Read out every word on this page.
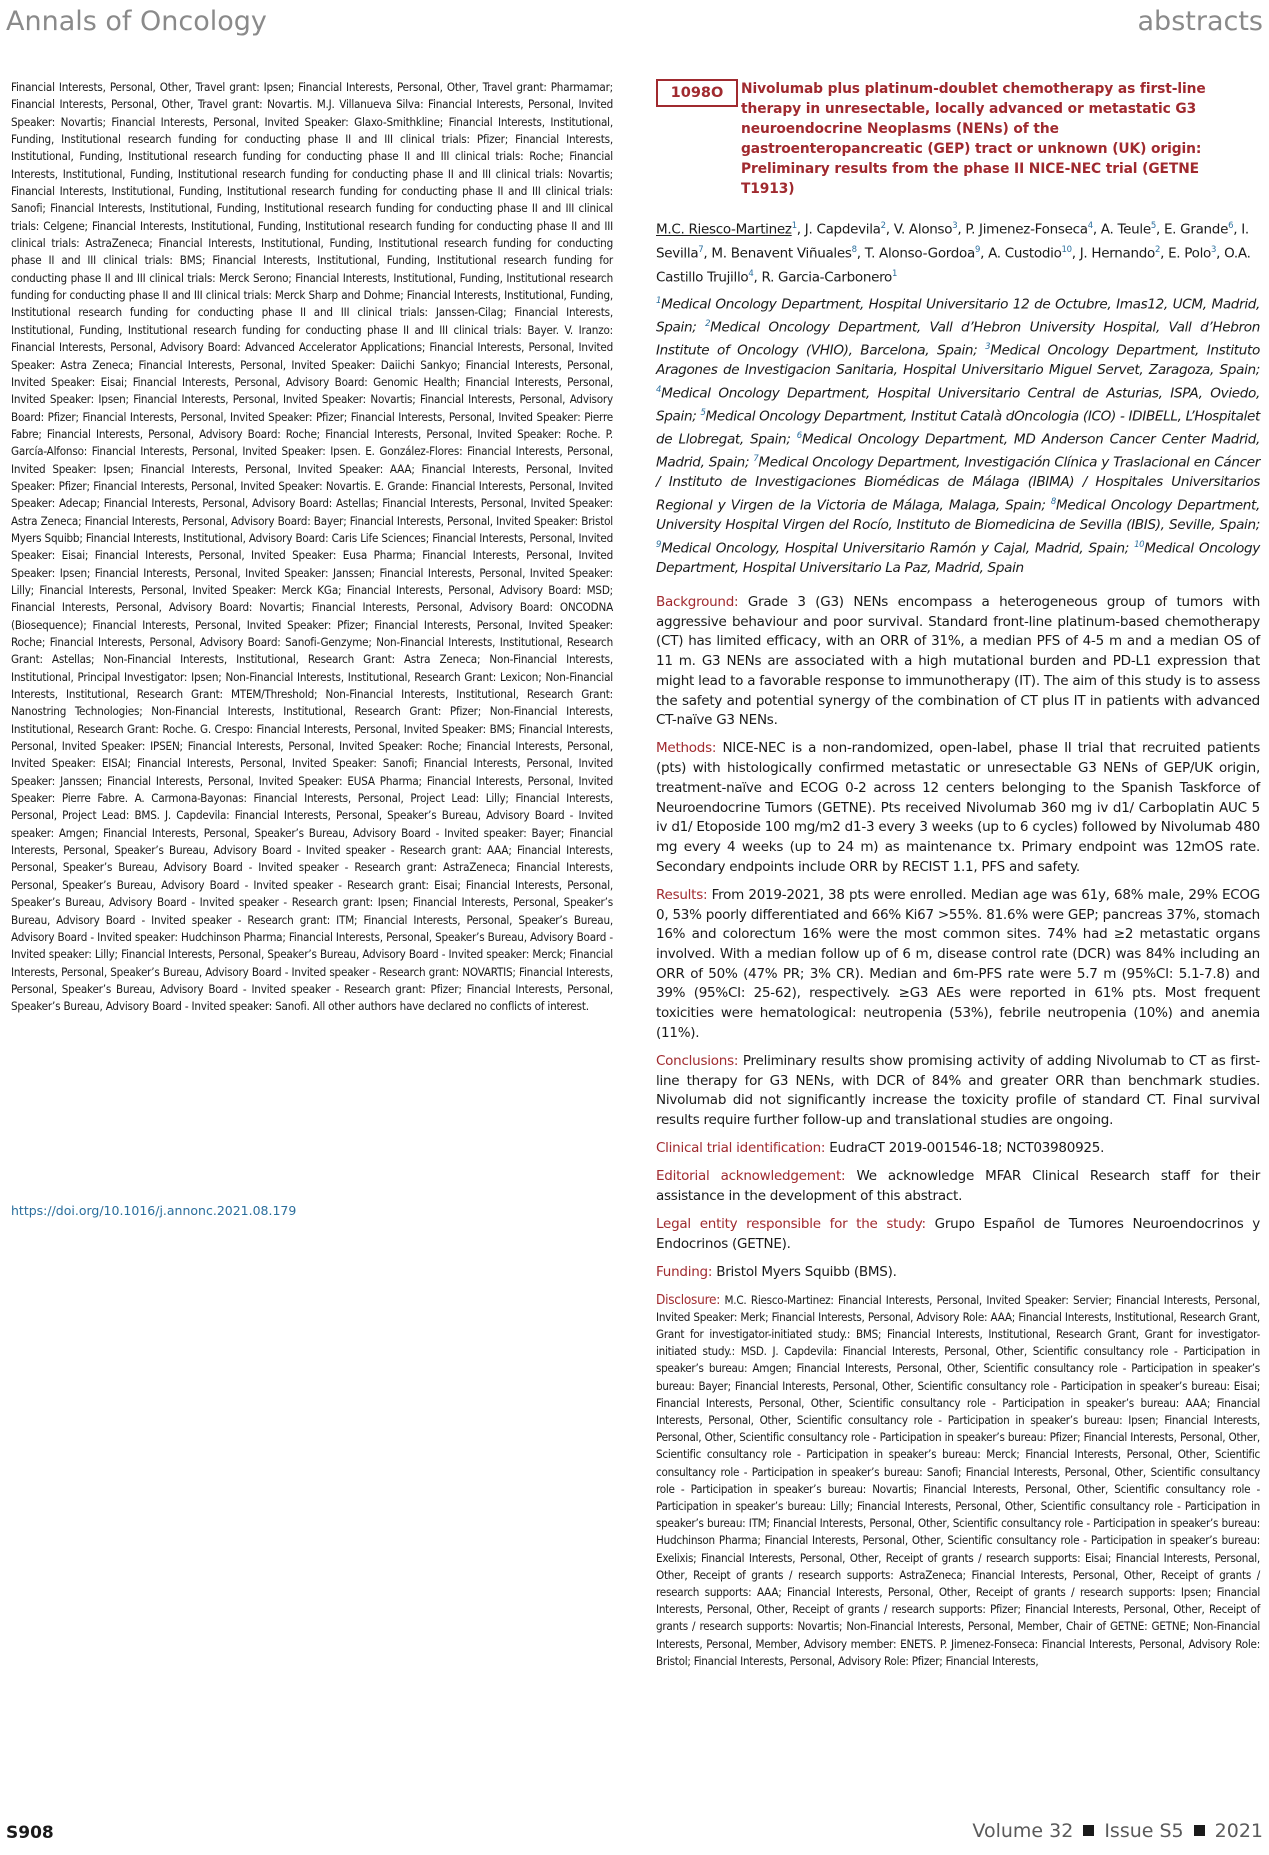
Annals of Oncology	abstracts

Financial Interests, Personal, Other, Travel grant: Ipsen; Financial Interests, Personal, Other, Travel grant: Pharmamar; Financial Interests, Personal, Other, Travel grant: Novartis. M.J. Villanueva Silva: Financial Interests, Personal, Invited Speaker: Novartis; Financial Interests, Personal, Invited Speaker: Glaxo-Smithkline; Financial Interests, Institutional, Funding, Institutional research funding for conducting phase II and III clinical trials: Pfizer; Financial Interests, Institutional, Funding, Institutional research funding for conducting phase II and III clinical trials: Roche; Financial Interests, Institutional, Funding, Institutional research funding for conducting phase II and III clinical trials: Novartis; Financial Interests, Institutional, Funding, Institutional research funding for conducting phase II and III clinical trials: Sanofi; Financial Interests, Institutional, Funding, Institutional research funding for conducting phase II and III clinical trials: Celgene; Financial Interests, Institutional, Funding, Institutional research funding for conducting phase II and III clinical trials: AstraZeneca; Financial Interests, Institutional, Funding, Institutional research funding for conducting phase II and III clinical trials: BMS; Financial Interests, Institutional, Funding, Institutional research funding for conducting phase II and III clinical trials: Merck Serono; Financial Interests, Institutional, Funding, Institutional research funding for conducting phase II and III clinical trials: Merck Sharp and Dohme; Financial Interests, Institutional, Funding, Institutional research funding for conducting phase II and III clinical trials: Janssen-Cilag; Financial Interests, Institutional, Funding, Institutional research funding for conducting phase II and III clinical trials: Bayer. V. Iranzo: Financial Interests, Personal, Advisory Board: Advanced Accelerator Applications; Financial Interests, Personal, Invited Speaker: Astra Zeneca; Financial Interests, Personal, Invited Speaker: Daiichi Sankyo; Financial Interests, Personal, Invited Speaker: Eisai; Financial Interests, Personal, Advisory Board: Genomic Health; Financial Interests, Personal, Invited Speaker: Ipsen; Financial Interests, Personal, Invited Speaker: Novartis; Financial Interests, Personal, Advisory Board: Pfizer; Financial Interests, Personal, Invited Speaker: Pfizer; Financial Interests, Personal, Invited Speaker: Pierre Fabre; Financial Interests, Personal, Advisory Board: Roche; Financial Interests, Personal, Invited Speaker: Roche. P. García-Alfonso: Financial Interests, Personal, Invited Speaker: Ipsen. E. González-Flores: Financial Interests, Personal, Invited Speaker: Ipsen; Financial Interests, Personal, Invited Speaker: AAA; Financial Interests, Personal, Invited Speaker: Pfizer; Financial Interests, Personal, Invited Speaker: Novartis. E. Grande: Financial Interests, Personal, Invited Speaker: Adecap; Financial Interests, Personal, Advisory Board: Astellas; Financial Interests, Personal, Invited Speaker: Astra Zeneca; Financial Interests, Personal, Advisory Board: Bayer; Financial Interests, Personal, Invited Speaker: Bristol Myers Squibb; Financial Interests, Institutional, Advisory Board: Caris Life Sciences; Financial Interests, Personal, Invited Speaker: Eisai; Financial Interests, Personal, Invited Speaker: Eusa Pharma; Financial Interests, Personal, Invited Speaker: Ipsen; Financial Interests, Personal, Invited Speaker: Janssen; Financial Interests, Personal, Invited Speaker: Lilly; Financial Interests, Personal, Invited Speaker: Merck KGa; Financial Interests, Personal, Advisory Board: MSD; Financial Interests, Personal, Advisory Board: Novartis; Financial Interests, Personal, Advisory Board: ONCODNA (Biosequence); Financial Interests, Personal, Invited Speaker: Pfizer; Financial Interests, Personal, Invited Speaker: Roche; Financial Interests, Personal, Advisory Board: Sanofi-Genzyme; Non-Financial Interests, Institutional, Research Grant: Astellas; Non-Financial Interests, Institutional, Research Grant: Astra Zeneca; Non-Financial Interests, Institutional, Principal Investigator: Ipsen; Non-Financial Interests, Institutional, Research Grant: Lexicon; Non-Financial Interests, Institutional, Research Grant: MTEM/Threshold; Non-Financial Interests, Institutional, Research Grant: Nanostring Technologies; Non-Financial Interests, Institutional, Research Grant: Pfizer; Non-Financial Interests, Institutional, Research Grant: Roche. G. Crespo: Financial Interests, Personal, Invited Speaker: BMS; Financial Interests, Personal, Invited Speaker: IPSEN; Financial Interests, Personal, Invited Speaker: Roche; Financial Interests, Personal, Invited Speaker: EISAI; Financial Interests, Personal, Invited Speaker: Sanofi; Financial Interests, Personal, Invited Speaker: Janssen; Financial Interests, Personal, Invited Speaker: EUSA Pharma; Financial Interests, Personal, Invited Speaker: Pierre Fabre. A. Carmona-Bayonas: Financial Interests, Personal, Project Lead: Lilly; Financial Interests, Personal, Project Lead: BMS. J. Capdevila: Financial Interests, Personal, Speaker’s Bureau, Advisory Board - Invited speaker: Amgen; Financial Interests, Personal, Speaker’s Bureau, Advisory Board - Invited speaker: Bayer; Financial Interests, Personal, Speaker’s Bureau, Advisory Board - Invited speaker - Research grant: AAA; Financial Interests, Personal, Speaker’s Bureau, Advisory Board - Invited speaker - Research grant: AstraZeneca; Financial Interests, Personal, Speaker’s Bureau, Advisory Board - Invited speaker - Research grant: Eisai; Financial Interests, Personal, Speaker’s Bureau, Advisory Board - Invited speaker - Research grant: Ipsen; Financial Interests, Personal, Speaker’s Bureau, Advisory Board - Invited speaker - Research grant: ITM; Financial Interests, Personal, Speaker’s Bureau, Advisory Board - Invited speaker: Hudchinson Pharma; Financial Interests, Personal, Speaker’s Bureau, Advisory Board - Invited speaker: Lilly; Financial Interests, Personal, Speaker’s Bureau, Advisory Board - Invited speaker: Merck; Financial Interests, Personal, Speaker’s Bureau, Advisory Board - Invited speaker - Research grant: NOVARTIS; Financial Interests, Personal, Speaker’s Bureau, Advisory Board - Invited speaker - Research grant: Pfizer; Financial Interests, Personal, Speaker’s Bureau, Advisory Board - Invited speaker: Sanofi. All other authors have declared no conflicts of interest.

https://doi.org/10.1016/j.annonc.2021.08.179
1098O	Nivolumab plus platinum-doublet chemotherapy as first-line therapy in unresectable, locally advanced or metastatic G3 neuroendocrine Neoplasms (NENs) of the gastroenteropancreatic (GEP) tract or unknown (UK) origin: Preliminary results from the phase II NICE-NEC trial (GETNE T1913)
M.C. Riesco-Martinez$^1$, J. Capdevila$^2$, V. Alonso$^3$, P. Jimenez-Fonseca$^4$, A. Teule$^5$, E. Grande$^6$, I. Sevilla$^7$, M. Benavent Viñuales$^8$, T. Alonso-Gordoa$^9$, A. Custodio$^{10}$, J. Hernando$^2$, E. Polo$^3$, O.A. Castillo Trujillo$^4$, R. Garcia-Carbonero$^1$
$^1$Medical Oncology Department, Hospital Universitario 12 de Octubre, Imas12, UCM, Madrid, Spain; $^2$Medical Oncology Department, Vall d’Hebron University Hospital, Vall d’Hebron Institute of Oncology (VHIO), Barcelona, Spain; $^3$Medical Oncology Department, Instituto Aragones de Investigacion Sanitaria, Hospital Universitario Miguel Servet, Zaragoza, Spain; $^4$Medical Oncology Department, Hospital Universitario Central de Asturias, ISPA, Oviedo, Spain; $^5$Medical Oncology Department, Institut Català dOncologia (ICO) - IDIBELL, L’Hospitalet de Llobregat, Spain; $^6$Medical Oncology Department, MD Anderson Cancer Center Madrid, Madrid, Spain; $^7$Medical Oncology Department, Investigación Clínica y Traslacional en Cáncer / Instituto de Investigaciones Biomédicas de Málaga (IBIMA) / Hospitales Universitarios Regional y Virgen de la Victoria de Málaga, Malaga, Spain; $^8$Medical Oncology Department, University Hospital Virgen del Rocío, Instituto de Biomedicina de Sevilla (IBIS), Seville, Spain; $^9$Medical Oncology, Hospital Universitario Ramón y Cajal, Madrid, Spain; $^{10}$Medical Oncology Department, Hospital Universitario La Paz, Madrid, Spain

Background: Grade 3 (G3) NENs encompass a heterogeneous group of tumors with aggressive behaviour and poor survival. Standard front-line platinum-based chemotherapy (CT) has limited efficacy, with an ORR of 31%, a median PFS of 4-5 m and a median OS of 11 m. G3 NENs are associated with a high mutational burden and PD-L1 expression that might lead to a favorable response to immunotherapy (IT). The aim of this study is to assess the safety and potential synergy of the combination of CT plus IT in patients with advanced CT-naïve G3 NENs.

Methods: NICE-NEC is a non-randomized, open-label, phase II trial that recruited patients (pts) with histologically confirmed metastatic or unresectable G3 NENs of GEP/UK origin, treatment-naïve and ECOG 0-2 across 12 centers belonging to the Spanish Taskforce of Neuroendocrine Tumors (GETNE). Pts received Nivolumab 360 mg iv d1/ Carboplatin AUC 5 iv d1/ Etoposide 100 mg/m2 d1-3 every 3 weeks (up to 6 cycles) followed by Nivolumab 480 mg every 4 weeks (up to 24 m) as maintenance tx. Primary endpoint was 12mOS rate. Secondary endpoints include ORR by RECIST 1.1, PFS and safety.

Results: From 2019-2021, 38 pts were enrolled. Median age was 61y, 68% male, 29% ECOG 0, 53% poorly differentiated and 66% Ki67 >55%. 81.6% were GEP; pancreas 37%, stomach 16% and colorectum 16% were the most common sites. 74% had ≥2 metastatic organs involved. With a median follow up of 6 m, disease control rate (DCR) was 84% including an ORR of 50% (47% PR; 3% CR). Median and 6m-PFS rate were 5.7 m (95%CI: 5.1-7.8) and 39% (95%CI: 25-62), respectively. ≥G3 AEs were reported in 61% pts. Most frequent toxicities were hematological: neutropenia (53%), febrile neutropenia (10%) and anemia (11%).

Conclusions: Preliminary results show promising activity of adding Nivolumab to CT as first-line therapy for G3 NENs, with DCR of 84% and greater ORR than benchmark studies. Nivolumab did not significantly increase the toxicity profile of standard CT. Final survival results require further follow-up and translational studies are ongoing.

Clinical trial identification: EudraCT 2019-001546-18; NCT03980925.

Editorial acknowledgement: We acknowledge MFAR Clinical Research staff for their assistance in the development of this abstract.

Legal entity responsible for the study: Grupo Español de Tumores Neuroendocrinos y Endocrinos (GETNE).

Funding: Bristol Myers Squibb (BMS).

Disclosure: M.C. Riesco-Martinez: Financial Interests, Personal, Invited Speaker: Servier; Financial Interests, Personal, Invited Speaker: Merk; Financial Interests, Personal, Advisory Role: AAA; Financial Interests, Institutional, Research Grant, Grant for investigator-initiated study.: BMS; Financial Interests, Institutional, Research Grant, Grant for investigator-initiated study.: MSD. J. Capdevila: Financial Interests, Personal, Other, Scientific consultancy role - Participation in speaker’s bureau: Amgen; Financial Interests, Personal, Other, Scientific consultancy role - Participation in speaker’s bureau: Bayer; Financial Interests, Personal, Other, Scientific consultancy role - Participation in speaker’s bureau: Eisai; Financial Interests, Personal, Other, Scientific consultancy role - Participation in speaker’s bureau: AAA; Financial Interests, Personal, Other, Scientific consultancy role - Participation in speaker’s bureau: Ipsen; Financial Interests, Personal, Other, Scientific consultancy role - Participation in speaker’s bureau: Pfizer; Financial Interests, Personal, Other, Scientific consultancy role - Participation in speaker’s bureau: Merck; Financial Interests, Personal, Other, Scientific consultancy role - Participation in speaker’s bureau: Sanofi; Financial Interests, Personal, Other, Scientific consultancy role - Participation in speaker’s bureau: Novartis; Financial Interests, Personal, Other, Scientific consultancy role - Participation in speaker’s bureau: Lilly; Financial Interests, Personal, Other, Scientific consultancy role - Participation in speaker’s bureau: ITM; Financial Interests, Personal, Other, Scientific consultancy role - Participation in speaker’s bureau: Hudchinson Pharma; Financial Interests, Personal, Other, Scientific consultancy role - Participation in speaker’s bureau: Exelixis; Financial Interests, Personal, Other, Receipt of grants / research supports: Eisai; Financial Interests, Personal, Other, Receipt of grants / research supports: AstraZeneca; Financial Interests, Personal, Other, Receipt of grants / research supports: AAA; Financial Interests, Personal, Other, Receipt of grants / research supports: Ipsen; Financial Interests, Personal, Other, Receipt of grants / research supports: Pfizer; Financial Interests, Personal, Other, Receipt of grants / research supports: Novartis; Non-Financial Interests, Personal, Member, Chair of GETNE: GETNE; Non-Financial Interests, Personal, Member, Advisory member: ENETS. P. Jimenez-Fonseca: Financial Interests, Personal, Advisory Role: Bristol; Financial Interests, Personal, Advisory Role: Pfizer; Financial Interests,

S908	Volume 32 Issue S5 2021
